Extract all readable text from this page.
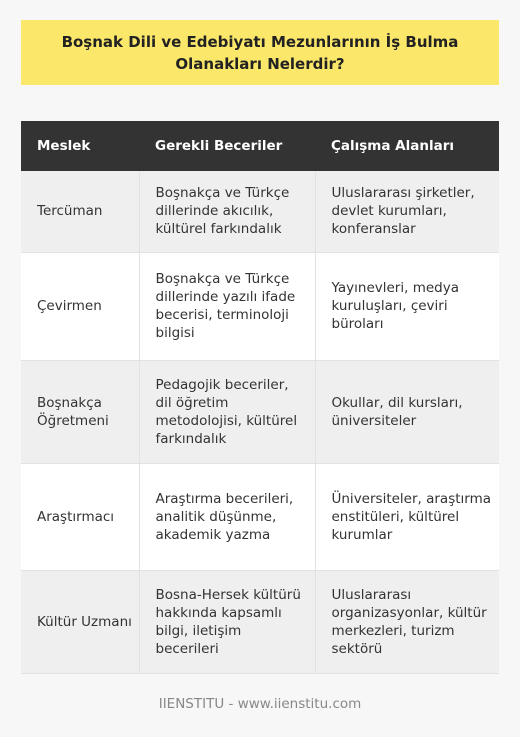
Boşnak Dili ve Edebiyatı Mezunlarının İş Bulma Olanakları Nelerdir?
Meslek	Gerekli Beceriler	Çalışma Alanları
Tercüman	Boşnakça ve Türkçe dillerinde akıcılık, kültürel farkındalık	Uluslararası şirketler, devlet kurumları, konferanslar
Çevirmen	Boşnakça ve Türkçe dillerinde yazılı ifade becerisi, terminoloji bilgisi	Yayınevleri, medya kuruluşları, çeviri büroları
Boşnakça Öğretmeni	Pedagojik beceriler, dil öğretim metodolojisi, kültürel farkındalık	Okullar, dil kursları, üniversiteler
Araştırmacı	Araştırma becerileri, analitik düşünme, akademik yazma	Üniversiteler, araştırma enstitüleri, kültürel kurumlar
Kültür Uzmanı	Bosna-Hersek kültürü hakkında kapsamlı bilgi, iletişim becerileri	Uluslararası organizasyonlar, kültür merkezleri, turizm sektörü
IIENSTITU - www.iienstitu.com
